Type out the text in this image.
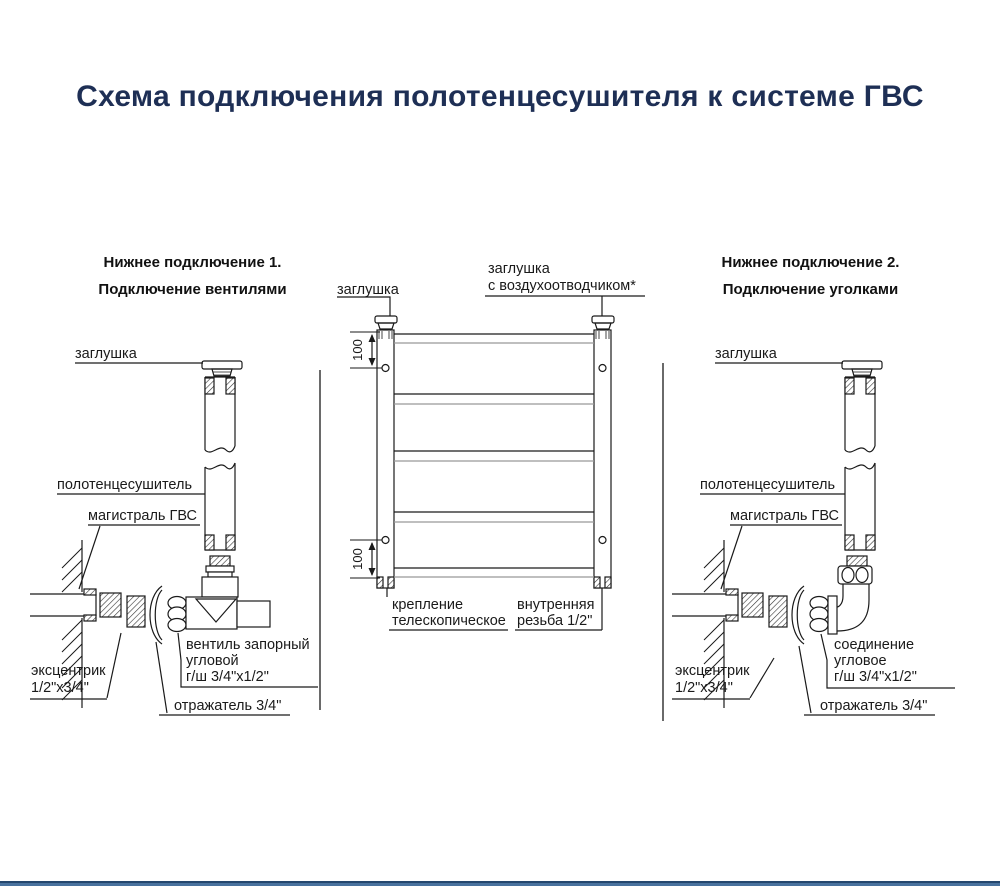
Схема подключения полотенцесушителя к системе ГВС
Нижнее подключение 1.
Подключение вентилями
Нижнее подключение 2.
Подключение уголками
заглушка
полотенцесушитель
магистраль ГВС
эксцентрик
1/2"x3/4"
вентиль запорный
угловой
г/ш 3/4"x1/2"
отражатель 3/4"
заглушка
заглушка
с воздухоотводчиком*
100
100
крепление
телескопическое
внутренняя
резьба 1/2"
заглушка
полотенцесушитель
магистраль ГВС
эксцентрик
1/2"x3/4"
соединение
угловое
г/ш 3/4"x1/2"
отражатель 3/4"
